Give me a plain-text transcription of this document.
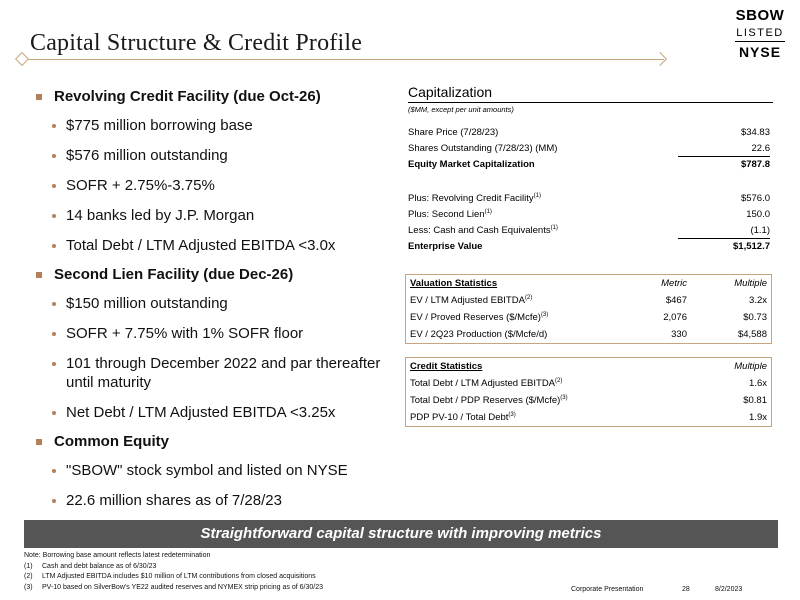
Capital Structure & Credit Profile
SBOW
LISTED
NYSE
Revolving Credit Facility (due Oct-26)
$775 million borrowing base
$576 million outstanding
SOFR + 2.75%-3.75%
14 banks led by J.P. Morgan
Total Debt / LTM Adjusted EBITDA <3.0x
Second Lien Facility (due Dec-26)
$150 million outstanding
SOFR + 7.75% with 1% SOFR floor
101 through December 2022 and par thereafter until maturity
Net Debt / LTM Adjusted EBITDA <3.25x
Common Equity
"SBOW" stock symbol and listed on NYSE
22.6 million shares as of 7/28/23
Capitalization
($MM, except per unit amounts)
Share Price (7/28/23)	$34.83
Shares Outstanding (7/28/23) (MM)	22.6
Equity Market Capitalization	$787.8
Plus: Revolving Credit Facility$^{(1)}$	$576.0
Plus: Second Lien$^{(1)}$	150.0
Less: Cash and Cash Equivalents$^{(1)}$	(1.1)
Enterprise Value	$1,512.7
Valuation Statistics	Metric	Multiple
EV / LTM Adjusted EBITDA$^{(2)}$	$467	3.2x
EV / Proved Reserves ($/Mcfe)$^{(3)}$	2,076	$0.73
EV / 2Q23 Production ($/Mcfe/d)	330	$4,588
Credit Statistics	Multiple
Total Debt / LTM Adjusted EBITDA$^{(2)}$	1.6x
Total Debt / PDP Reserves ($/Mcfe)$^{(3)}$	$0.81
PDP PV-10 / Total Debt$^{(3)}$	1.9x
Straightforward capital structure with improving metrics
Note: Borrowing base amount reflects latest redetermination
(1)	Cash and debt balance as of 6/30/23
(2)	LTM Adjusted EBITDA includes $10 million of LTM contributions from closed acquisitions
(3)	PV-10 based on SilverBow's YE22 audited reserves and NYMEX strip pricing as of 6/30/23	Corporate Presentation	28	8/2/2023
